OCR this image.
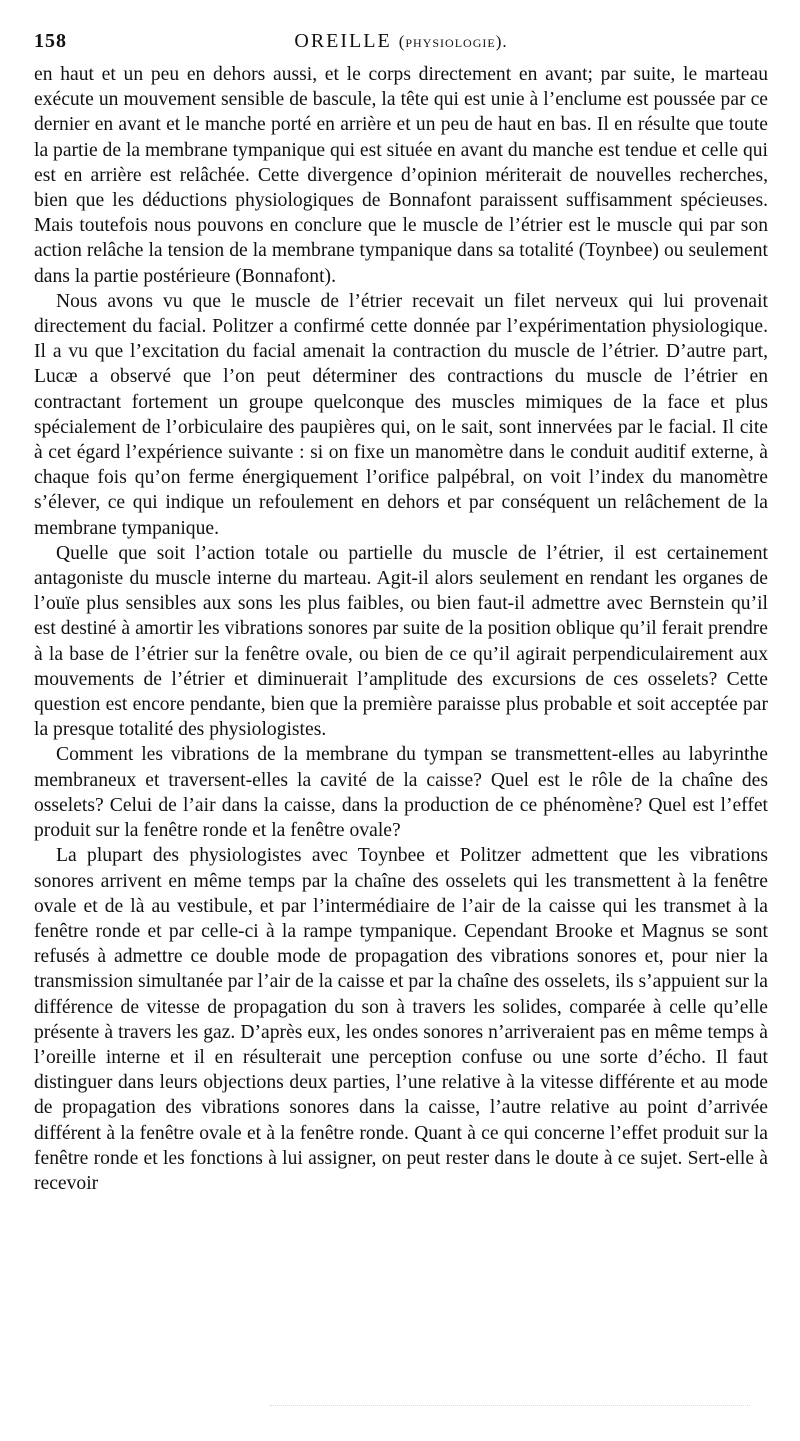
158	OREILLE (physiologie).

en haut et un peu en dehors aussi, et le corps directement en avant; par suite, le marteau exécute un mouvement sensible de bascule, la tête qui est unie à l’enclume est poussée par ce dernier en avant et le manche porté en arrière et un peu de haut en bas. Il en résulte que toute la partie de la membrane tympanique qui est située en avant du manche est tendue et celle qui est en arrière est relâchée. Cette divergence d’opinion mériterait de nouvelles recherches, bien que les déductions physiologiques de Bonnafont paraissent suffisamment spécieuses. Mais toutefois nous pouvons en conclure que le muscle de l’étrier est le muscle qui par son action relâche la tension de la membrane tympanique dans sa totalité (Toynbee) ou seulement dans la partie postérieure (Bonnafont).

Nous avons vu que le muscle de l’étrier recevait un filet nerveux qui lui provenait directement du facial. Politzer a confirmé cette donnée par l’expérimentation physiologique. Il a vu que l’excitation du facial amenait la contraction du muscle de l’étrier. D’autre part, Lucæ a observé que l’on peut déterminer des contractions du muscle de l’étrier en contractant fortement un groupe quelconque des muscles mimiques de la face et plus spécialement de l’orbiculaire des paupières qui, on le sait, sont innervées par le facial. Il cite à cet égard l’expérience suivante : si on fixe un manomètre dans le conduit auditif externe, à chaque fois qu’on ferme énergiquement l’orifice palpébral, on voit l’index du manomètre s’élever, ce qui indique un refoulement en dehors et par conséquent un relâchement de la membrane tympanique.

Quelle que soit l’action totale ou partielle du muscle de l’étrier, il est certainement antagoniste du muscle interne du marteau. Agit-il alors seulement en rendant les organes de l’ouïe plus sensibles aux sons les plus faibles, ou bien faut-il admettre avec Bernstein qu’il est destiné à amortir les vibrations sonores par suite de la position oblique qu’il ferait prendre à la base de l’étrier sur la fenêtre ovale, ou bien de ce qu’il agirait perpendiculairement aux mouvements de l’étrier et diminuerait l’amplitude des excursions de ces osselets? Cette question est encore pendante, bien que la première paraisse plus probable et soit acceptée par la presque totalité des physiologistes.

Comment les vibrations de la membrane du tympan se transmettent-elles au labyrinthe membraneux et traversent-elles la cavité de la caisse? Quel est le rôle de la chaîne des osselets? Celui de l’air dans la caisse, dans la production de ce phénomène? Quel est l’effet produit sur la fenêtre ronde et la fenêtre ovale?

La plupart des physiologistes avec Toynbee et Politzer admettent que les vibrations sonores arrivent en même temps par la chaîne des osselets qui les transmettent à la fenêtre ovale et de là au vestibule, et par l’intermédiaire de l’air de la caisse qui les transmet à la fenêtre ronde et par celle-ci à la rampe tympanique. Cependant Brooke et Magnus se sont refusés à admettre ce double mode de propagation des vibrations sonores et, pour nier la transmission simultanée par l’air de la caisse et par la chaîne des osselets, ils s’appuient sur la différence de vitesse de propagation du son à travers les solides, comparée à celle qu’elle présente à travers les gaz. D’après eux, les ondes sonores n’arriveraient pas en même temps à l’oreille interne et il en résulterait une perception confuse ou une sorte d’écho. Il faut distinguer dans leurs objections deux parties, l’une relative à la vitesse différente et au mode de propagation des vibrations sonores dans la caisse, l’autre relative au point d’arrivée différent à la fenêtre ovale et à la fenêtre ronde. Quant à ce qui concerne l’effet produit sur la fenêtre ronde et les fonctions à lui assigner, on peut rester dans le doute à ce sujet. Sert-elle à recevoir
